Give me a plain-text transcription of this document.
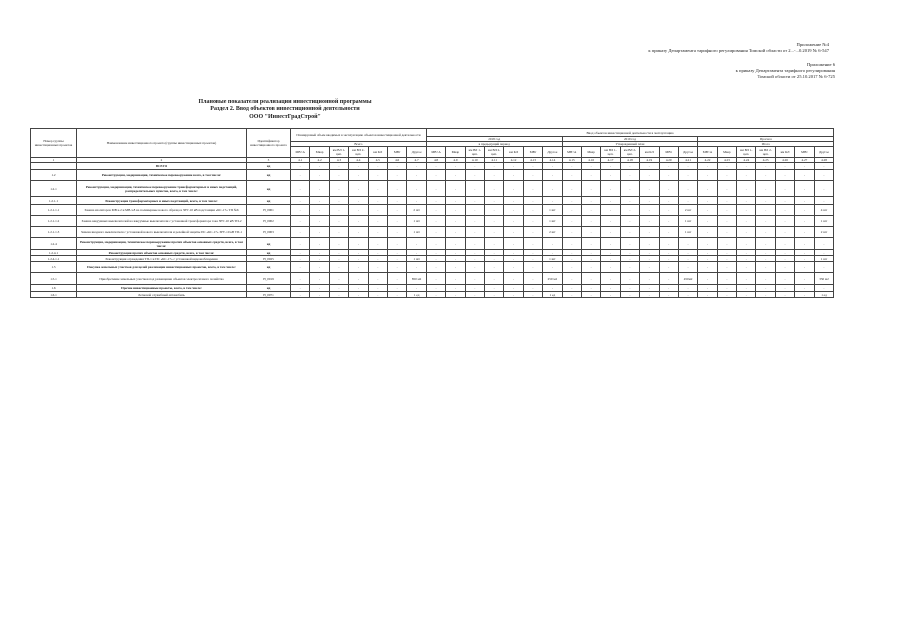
Приложение №4
к приказу Департамента тарифного регулирования Томской области от 2...-...0.2019 № 6-547
Приложение 6
к приказу Департамента тарифного регулирования
Томской области от 25.10.2017 № 6-725
Плановые показатели реализации инвестиционной программы
Раздел 2. Ввод объектов инвестиционной деятельности
ООО "ИнвестГрадСтрой"
Номер группы инвестиционных проектов	Наименование инвестиционного проекта (группы инвестиционных проектов)	Идентификатор инвестиционного проекта	Планируемый объем вводимых в эксплуатацию объектов инвестиционной деятельности							Ввод объектов инвестиционной деятельности в эксплуатацию																				
										2018 год							2019 год							Прогноз						
			Всего							в предыдущий период							Утвержденный план							Итого						
			МВ×А	Мвар	км ВЛ 1-цеп.	км ВЛ 2-цеп.	км КЛ	МВт	Другое	МВ×А	Мвар	км ВЛ 1-цеп.	км ВЛ 2-цеп.	км КЛ	МВт	Другое	МВ×А	Мвар	км ВЛ 1-цеп.	км ВЛ 2-цеп.	км КЛ	МВт	Другое	МВ×А	Мвар	км ВЛ 1-цеп.	км ВЛ 2-цеп.	км КЛ	МВт	Другое
1	2	3	4.1	4.2	4.3	4.4	4.5	4.6	4.7	4.8	4.9	4.10	4.11	4.12	4.13	4.14	4.15	4.16	4.17	4.18	4.19	4.20	4.21	4.22	4.23	4.24	4.25	4.26	4.27	4.28
	ВСЕГО	нд	-	-	-	-	-	-	-	-	-	-	-	-	-	-	-	-	-	-	-	-	-	-	-	-	-	-	-	-
1.2	Реконструкция, модернизация, техническое перевооружение всего, в том числе:	нд	-	-	-	-	-	-	-	-	-	-	-	-	-	-	-	-	-	-	-	-	-	-	-	-	-	-	-	-
1.2.1	Реконструкция, модернизация, техническое перевооружение трансформаторных и иных подстанций, распределительных пунктов, всего, в том числе:	нд	-	-	-	-	-	-	-	-	-	-	-	-	-	-	-	-	-	-	-	-	-	-	-	-	-	-	-	-
1.2.1.1	Реконструкция трансформаторных и иных подстанций, всего, в том числе:	нд	-	-	-	-	-	-	-	-	-	-	-	-	-	-	-	-	-	-	-	-	-	-	-	-	-	-	-	-
1.2.1.1.1	Замена изоляторов МВ.ч.2 и МВ.ч.8 на полимерные нового образца в ЗРУ-10 кВ подстанции «КС-17» ТП №6	Н_0001	-	-	-	-	-	-	2 шт	-	-	-	-	-	-	1 шт	-	-	-	-	-	-	2 шт	-	-	-	-	-	-	4 шт
1.2.1.1.2	Замена вакуумных выключателей на вакуумные выключатели с установкой трансформатора тока ЗРУ-10 кВ ТП-2	Н_0002	-	-	-	-	-	-	1 шт	-	-	-	-	-	-	1 шт	-	-	-	-	-	-	1 шт	-	-	-	-	-	-	1 шт
1.2.1.1.3	Замена вводного выключателя с установкой нового выключателя и релейной защиты ПС «КС-17» ЗРУ-10 кВ ТП-1	Н_0003	-	-	-	-	-	-	1 шт	-	-	-	-	-	-	2 шт	-	-	-	-	-	-	1 шт	-	-	-	-	-	-	2 шт
1.2.4	Реконструкция, модернизация, техническое перевооружение прочих объектов основных средств, всего, в том числе:	нд	-	-	-	-	-	-	-	-	-	-	-	-	-	-	-	-	-	-	-	-	-	-	-	-	-	-	-	-
1.2.4.1	Реконструкция прочих объектов основных средств, всего, в том числе:	нд	-	-	-	-	-	-	-	-	-	-	-	-	-	-	-	-	-	-	-	-	-	-	-	-	-	-	-	-
1.2.4.1.1	Реконструкция ограждения ТП-1 и ПС «КС-17» с установкой видеонаблюдения	Н_0025	-	-	-	-	-	-	1 шт	-	-	-	-	-	-	1 шт	-	-	-	-	-	-	-	-	-	-	-	-	-	1 шт
1.5	Покупка земельных участков для целей реализации инвестиционных проектов, всего, в том числе:	нд	-	-	-	-	-	-	-	-	-	-	-	-	-	-	-	-	-	-	-	-	-	-	-	-	-	-	-	-
1.5.1	Приобретение земельных участков под размещение объектов электросетевого хозяйства	Н_0019	-	-	-	-	-	-	850 м2	-	-	-	-	-	-	250 м2	-	-	-	-	-	-	450м2	-	-	-	-	-	-	350 м2
1.6	Прочие инвестиционные проекты, всего, в том числе:	нд	-	-	-	-	-	-	-	-	-	-	-	-	-	-	-	-	-	-	-	-	-	-	-	-	-	-	-	-
1.6.1	Легковой служебный автомобиль	Н_0071	-	-	-	-	-	-	1 ед	-	-	-	-	-	-	1 ед	-	-	-	-	-	-	-	-	-	-	-	-	-	1 ед
